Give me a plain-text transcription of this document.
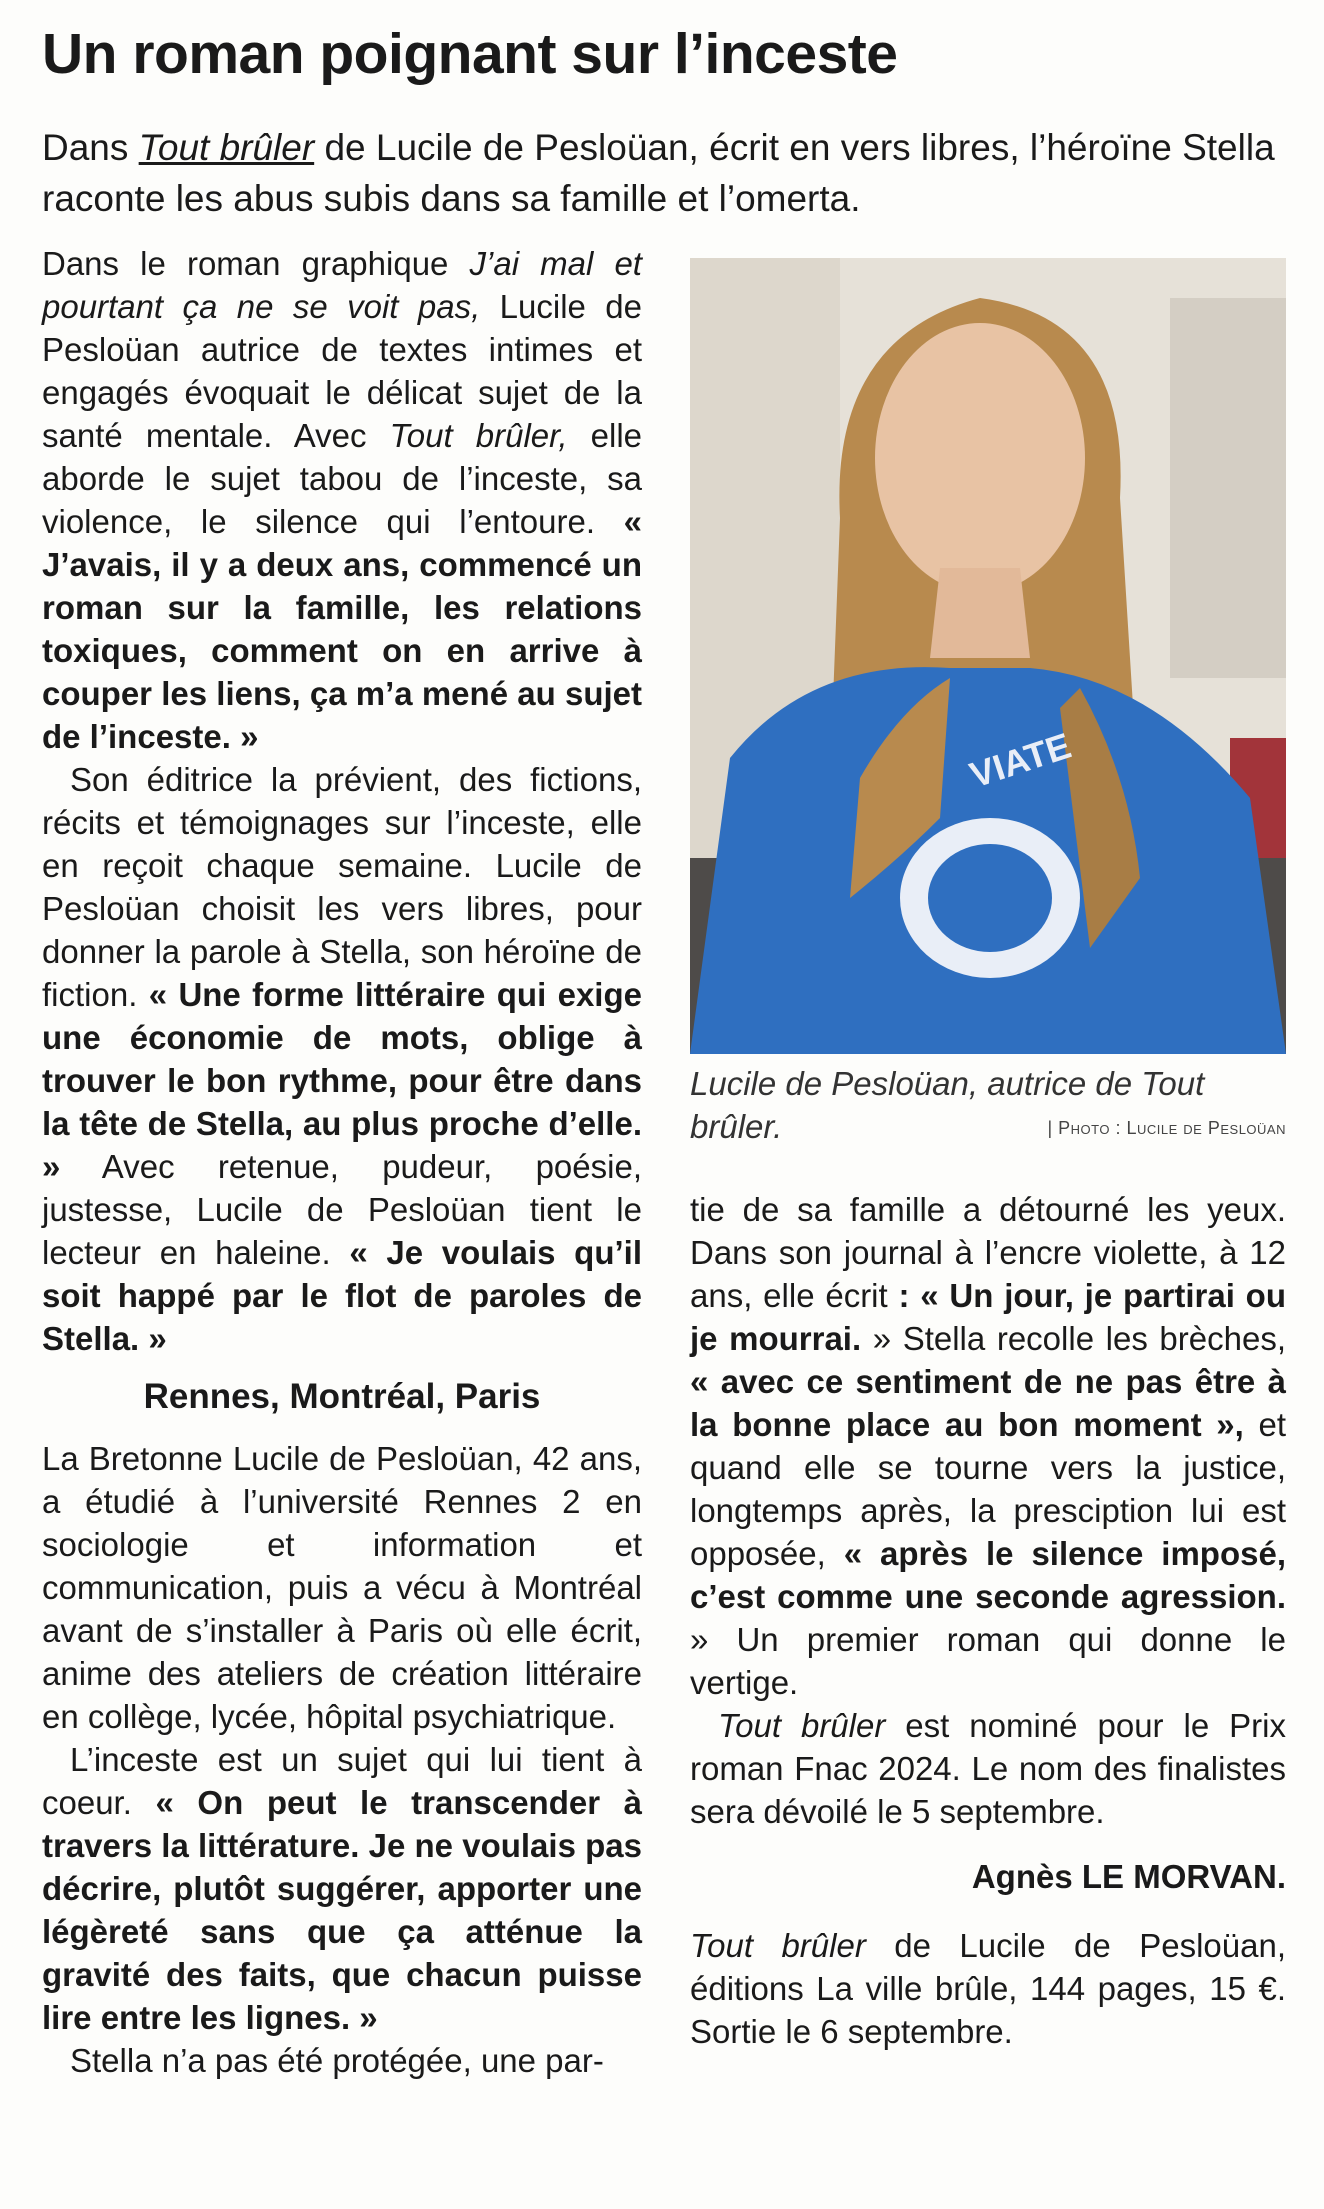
Un roman poignant sur l’inceste

Dans Tout brûler de Lucile de Pesloüan, écrit en vers libres, l’héroïne Stella raconte les abus subis dans sa famille et l’omerta.

Dans le roman graphique J’ai mal et pourtant ça ne se voit pas, Lucile de Pesloüan autrice de textes intimes et engagés évoquait le délicat sujet de la santé mentale. Avec Tout brûler, elle aborde le sujet tabou de l’inceste, sa violence, le silence qui l’entoure. « J’avais, il y a deux ans, commencé un roman sur la famille, les relations toxiques, comment on en arrive à couper les liens, ça m’a mené au sujet de l’inceste. »

Son éditrice la prévient, des fictions, récits et témoignages sur l’inceste, elle en reçoit chaque semaine. Lucile de Pesloüan choisit les vers libres, pour donner la parole à Stella, son héroïne de fiction. « Une forme littéraire qui exige une économie de mots, oblige à trouver le bon rythme, pour être dans la tête de Stella, au plus proche d’elle. » Avec retenue, pudeur, poésie, justesse, Lucile de Pesloüan tient le lecteur en haleine. « Je voulais qu’il soit happé par le flot de paroles de Stella. »

Rennes, Montréal, Paris

La Bretonne Lucile de Pesloüan, 42 ans, a étudié à l’université Rennes 2 en sociologie et information et communication, puis a vécu à Montréal avant de s’installer à Paris où elle écrit, anime des ateliers de création littéraire en collège, lycée, hôpital psychiatrique.

L’inceste est un sujet qui lui tient à coeur. « On peut le transcender à travers la littérature. Je ne voulais pas décrire, plutôt suggérer, apporter une légèreté sans que ça atténue la gravité des faits, que chacun puisse lire entre les lignes. »

Stella n’a pas été protégée, une par-

VIATE
Lucile de Pesloüan, autrice de Tout brûler.	| Photo : Lucile de Pesloüan

tie de sa famille a détourné les yeux. Dans son journal à l’encre violette, à 12 ans, elle écrit : « Un jour, je partirai ou je mourrai. » Stella recolle les brèches, « avec ce sentiment de ne pas être à la bonne place au bon moment », et quand elle se tourne vers la justice, longtemps après, la presciption lui est opposée, « après le silence imposé, c’est comme une seconde agression. » Un premier roman qui donne le vertige.

Tout brûler est nominé pour le Prix roman Fnac 2024. Le nom des finalistes sera dévoilé le 5 septembre.

Agnès LE MORVAN.

Tout brûler de Lucile de Pesloüan, éditions La ville brûle, 144 pages, 15 €. Sortie le 6 septembre.
